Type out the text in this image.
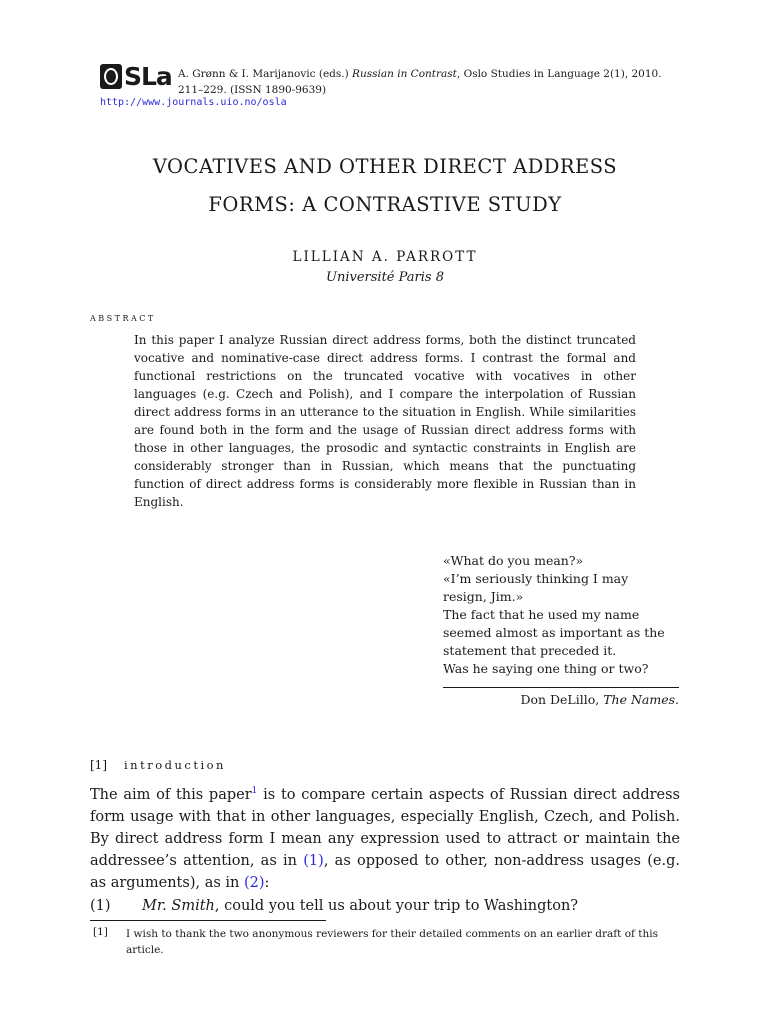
SLa A. Grønn & I. Marijanovic (eds.) Russian in Contrast, Oslo Studies in Language 2(1), 2010. 211–229. (ISSN 1890-9639)
http://www.journals.uio.no/osla
VOCATIVES AND OTHER DIRECT ADDRESS
FORMS: A CONTRASTIVE STUDY
LILLIAN A. PARROTT
Université Paris 8
abstract
In this paper I analyze Russian direct address forms, both the distinct truncated vocative and nominative-case direct address forms. I contrast the formal and functional restrictions on the truncated vocative with vocatives in other languages (e.g. Czech and Polish), and I compare the interpolation of Russian direct address forms in an utterance to the situation in English. While similarities are found both in the form and the usage of Russian direct address forms with those in other languages, the prosodic and syntactic constraints in English are considerably stronger than in Russian, which means that the punctuating function of direct address forms is considerably more flexible in Russian than in English.
«What do you mean?»
«I’m seriously thinking I may
resign, Jim.»
The fact that he used my name
seemed almost as important as the
statement that preceded it.
Was he saying one thing or two?
Don DeLillo, The Names.
[1] introduction
The aim of this paper$^1$ is to compare certain aspects of Russian direct address form usage with that in other languages, especially English, Czech, and Polish. By direct address form I mean any expression used to attract or maintain the addressee’s attention, as in (1), as opposed to other, non-address usages (e.g. as arguments), as in (2):
(1) Mr. Smith, could you tell us about your trip to Washington?
[1] I wish to thank the two anonymous reviewers for their detailed comments on an earlier draft of this article.
